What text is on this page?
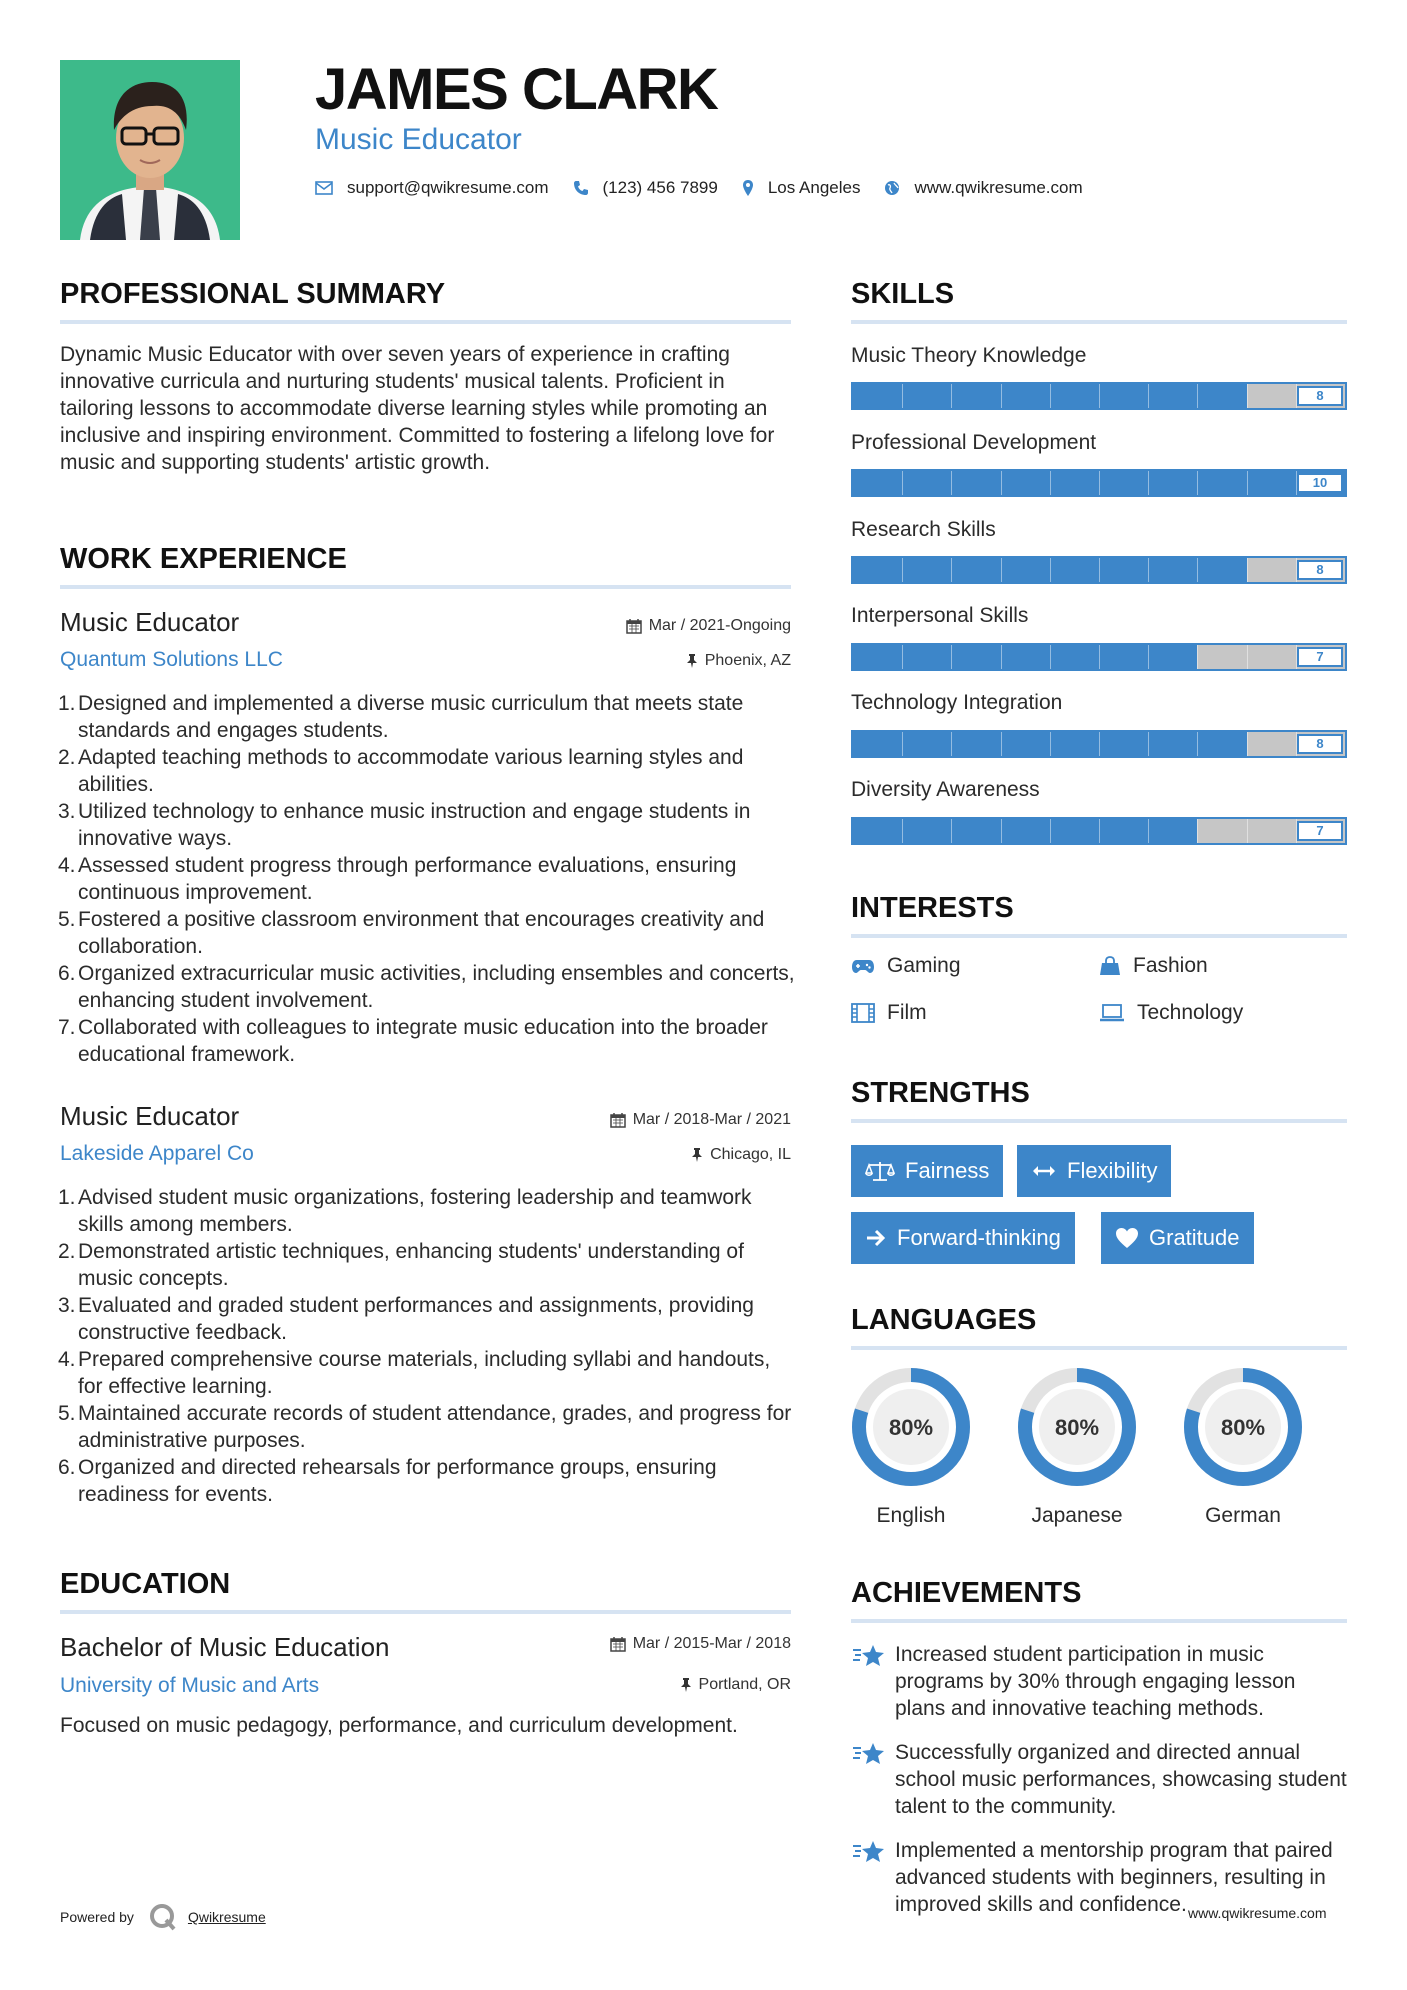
JAMES CLARK
Music Educator
support@qwikresume.com	(123) 456 7899	Los Angeles	www.qwikresume.com
PROFESSIONAL SUMMARY
Dynamic Music Educator with over seven years of experience in crafting innovative curricula and nurturing students' musical talents. Proficient in tailoring lessons to accommodate diverse learning styles while promoting an inclusive and inspiring environment. Committed to fostering a lifelong love for music and supporting students' artistic growth.
WORK EXPERIENCE
Music Educator	Mar / 2021-Ongoing
Quantum Solutions LLC	Phoenix, AZ
1. Designed and implemented a diverse music curriculum that meets state standards and engages students.
2. Adapted teaching methods to accommodate various learning styles and abilities.
3. Utilized technology to enhance music instruction and engage students in innovative ways.
4. Assessed student progress through performance evaluations, ensuring continuous improvement.
5. Fostered a positive classroom environment that encourages creativity and collaboration.
6. Organized extracurricular music activities, including ensembles and concerts, enhancing student involvement.
7. Collaborated with colleagues to integrate music education into the broader educational framework.
Music Educator	Mar / 2018-Mar / 2021
Lakeside Apparel Co	Chicago, IL
1. Advised student music organizations, fostering leadership and teamwork skills among members.
2. Demonstrated artistic techniques, enhancing students' understanding of music concepts.
3. Evaluated and graded student performances and assignments, providing constructive feedback.
4. Prepared comprehensive course materials, including syllabi and handouts, for effective learning.
5. Maintained accurate records of student attendance, grades, and progress for administrative purposes.
6. Organized and directed rehearsals for performance groups, ensuring readiness for events.
EDUCATION
Bachelor of Music Education	Mar / 2015-Mar / 2018
University of Music and Arts	Portland, OR
Focused on music pedagogy, performance, and curriculum development.
SKILLS
Music Theory Knowledge
8
Professional Development
10
Research Skills
8
Interpersonal Skills
7
Technology Integration
8
Diversity Awareness
7
INTERESTS
Gaming	Fashion
Film	Technology
STRENGTHS
Fairness	Flexibility
Forward-thinking	Gratitude
LANGUAGES
80%
English
80%
Japanese
80%
German
ACHIEVEMENTS
Increased student participation in music programs by 30% through engaging lesson plans and innovative teaching methods.
Successfully organized and directed annual school music performances, showcasing student talent to the community.
Implemented a mentorship program that paired advanced students with beginners, resulting in improved skills and confidence.
Powered by	Qwikresume	www.qwikresume.com
